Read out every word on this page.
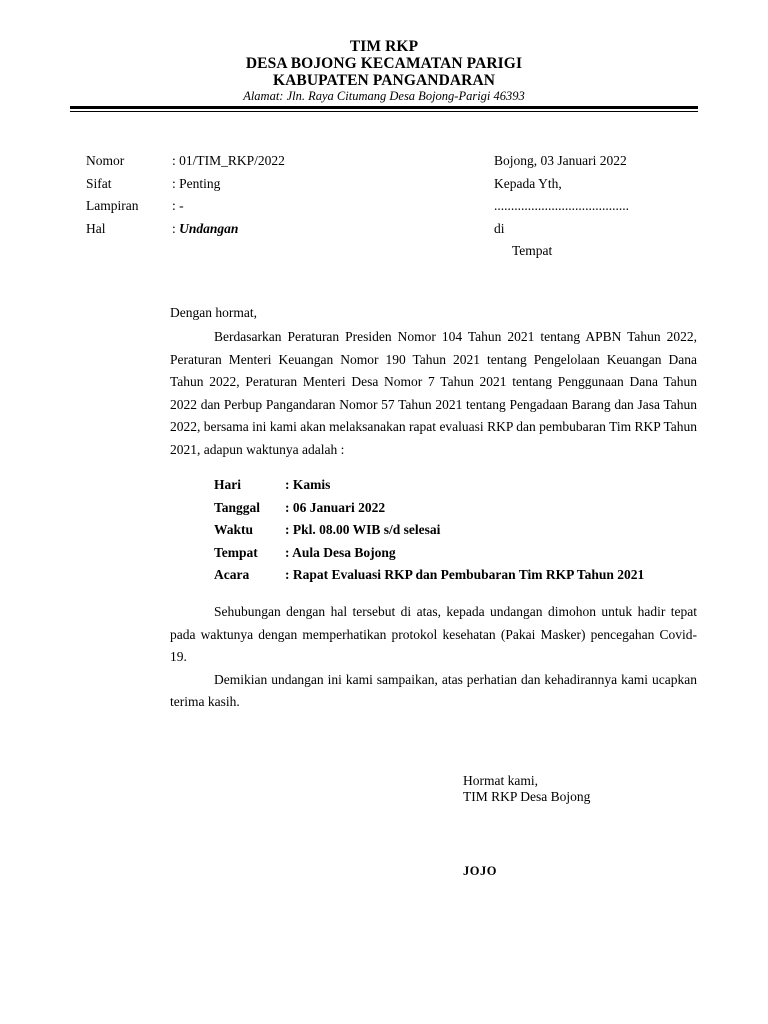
TIM RKP
DESA BOJONG KECAMATAN PARIGI
KABUPATEN PANGANDARAN
Alamat: Jln. Raya Citumang Desa Bojong-Parigi 46393
Nomor	: 01/TIM_RKP/2022
Sifat	: Penting
Lampiran	: -
Hal	: Undangan
Bojong, 03 Januari 2022
Kepada Yth,
........................................
di
Tempat
Dengan hormat,

Berdasarkan Peraturan Presiden Nomor 104 Tahun 2021 tentang APBN Tahun 2022, Peraturan Menteri Keuangan Nomor 190 Tahun 2021 tentang Pengelolaan Keuangan Dana Tahun 2022, Peraturan Menteri Desa Nomor 7 Tahun 2021 tentang Penggunaan Dana Tahun 2022 dan Perbup Pangandaran Nomor 57 Tahun 2021 tentang Pengadaan Barang dan Jasa Tahun 2022, bersama ini kami akan melaksanakan rapat evaluasi RKP dan pembubaran Tim RKP Tahun 2021, adapun waktunya adalah :

Hari	: Kamis
Tanggal	: 06 Januari 2022
Waktu	: Pkl. 08.00 WIB s/d selesai
Tempat	: Aula Desa Bojong
Acara	: Rapat Evaluasi RKP dan Pembubaran Tim RKP Tahun 2021

Sehubungan dengan hal tersebut di atas, kepada undangan dimohon untuk hadir tepat pada waktunya dengan memperhatikan protokol kesehatan (Pakai Masker) pencegahan Covid-19.

Demikian undangan ini kami sampaikan, atas perhatian dan kehadirannya kami ucapkan terima kasih.

Hormat kami,
TIM RKP Desa Bojong
JOJO
